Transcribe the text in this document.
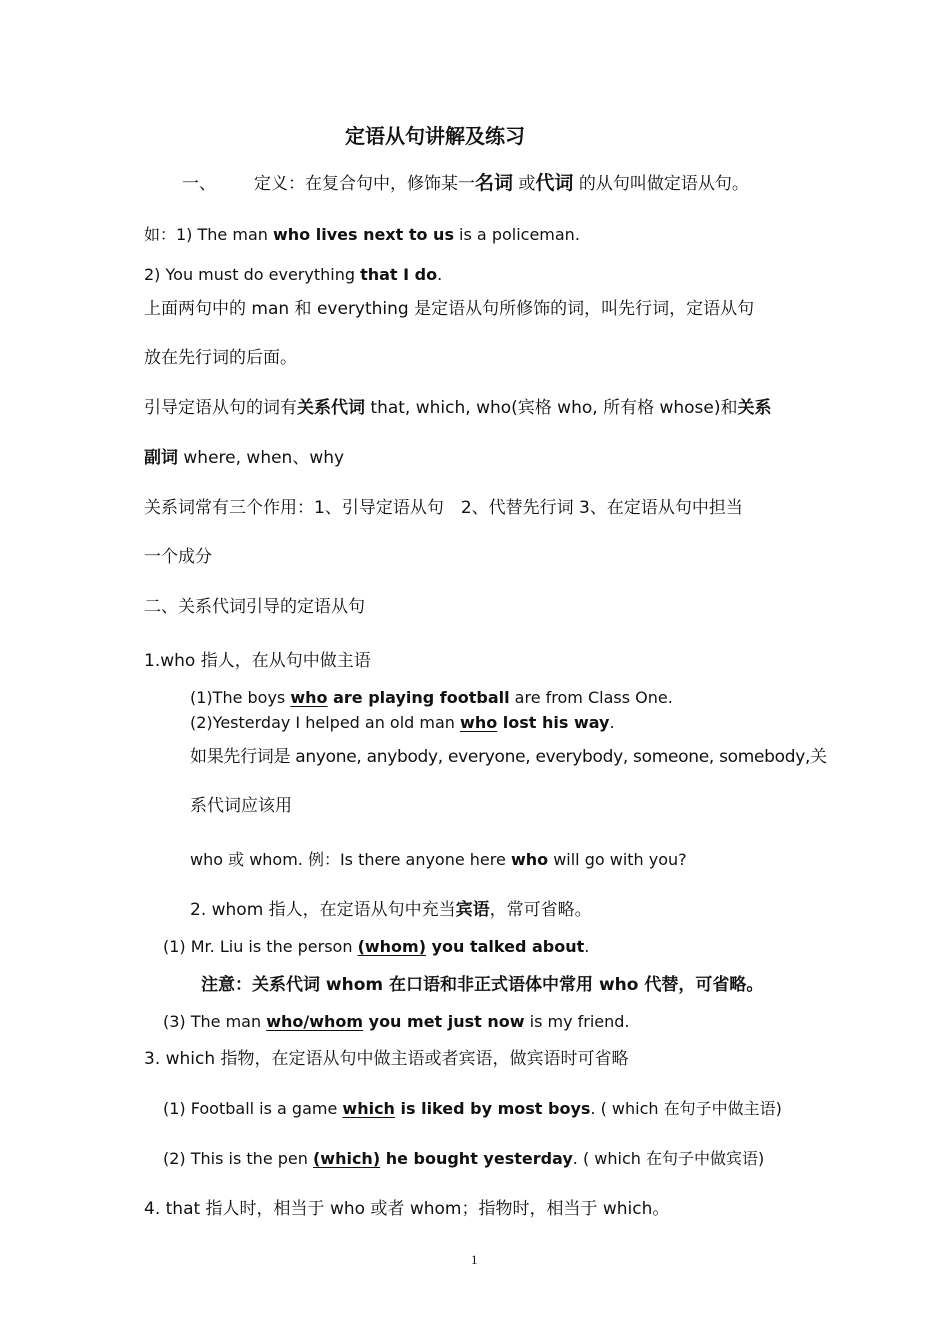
定语从句讲解及练习
一、 定义：在复合句中，修饰某一名词 或代词 的从句叫做定语从句。
如：1) The man who lives next to us is a policeman.
2) You must do everything that I do.
上面两句中的 man 和 everything 是定语从句所修饰的词，叫先行词，定语从句
放在先行词的后面。
引导定语从句的词有关系代词 that, which, who(宾格 who, 所有格 whose)和关系
副词 where, when、why
关系词常有三个作用：1、引导定语从句　2、代替先行词 3、在定语从句中担当
一个成分
二、关系代词引导的定语从句
1.who 指人，在从句中做主语
(1)The boys who are playing football are from Class One.
(2)Yesterday I helped an old man who lost his way.
如果先行词是 anyone, anybody, everyone, everybody, someone, somebody,关
系代词应该用
who 或 whom. 例：Is there anyone here who will go with you?
2. whom 指人，在定语从句中充当宾语，常可省略。
(1) Mr. Liu is the person (whom) you talked about.
注意：关系代词 whom 在口语和非正式语体中常用 who 代替，可省略。
(3) The man who/whom you met just now is my friend.
3. which 指物，在定语从句中做主语或者宾语，做宾语时可省略
(1) Football is a game which is liked by most boys. ( which 在句子中做主语)
(2) This is the pen (which) he bought yesterday. ( which 在句子中做宾语)
4. that 指人时，相当于 who 或者 whom；指物时，相当于 which。
1
